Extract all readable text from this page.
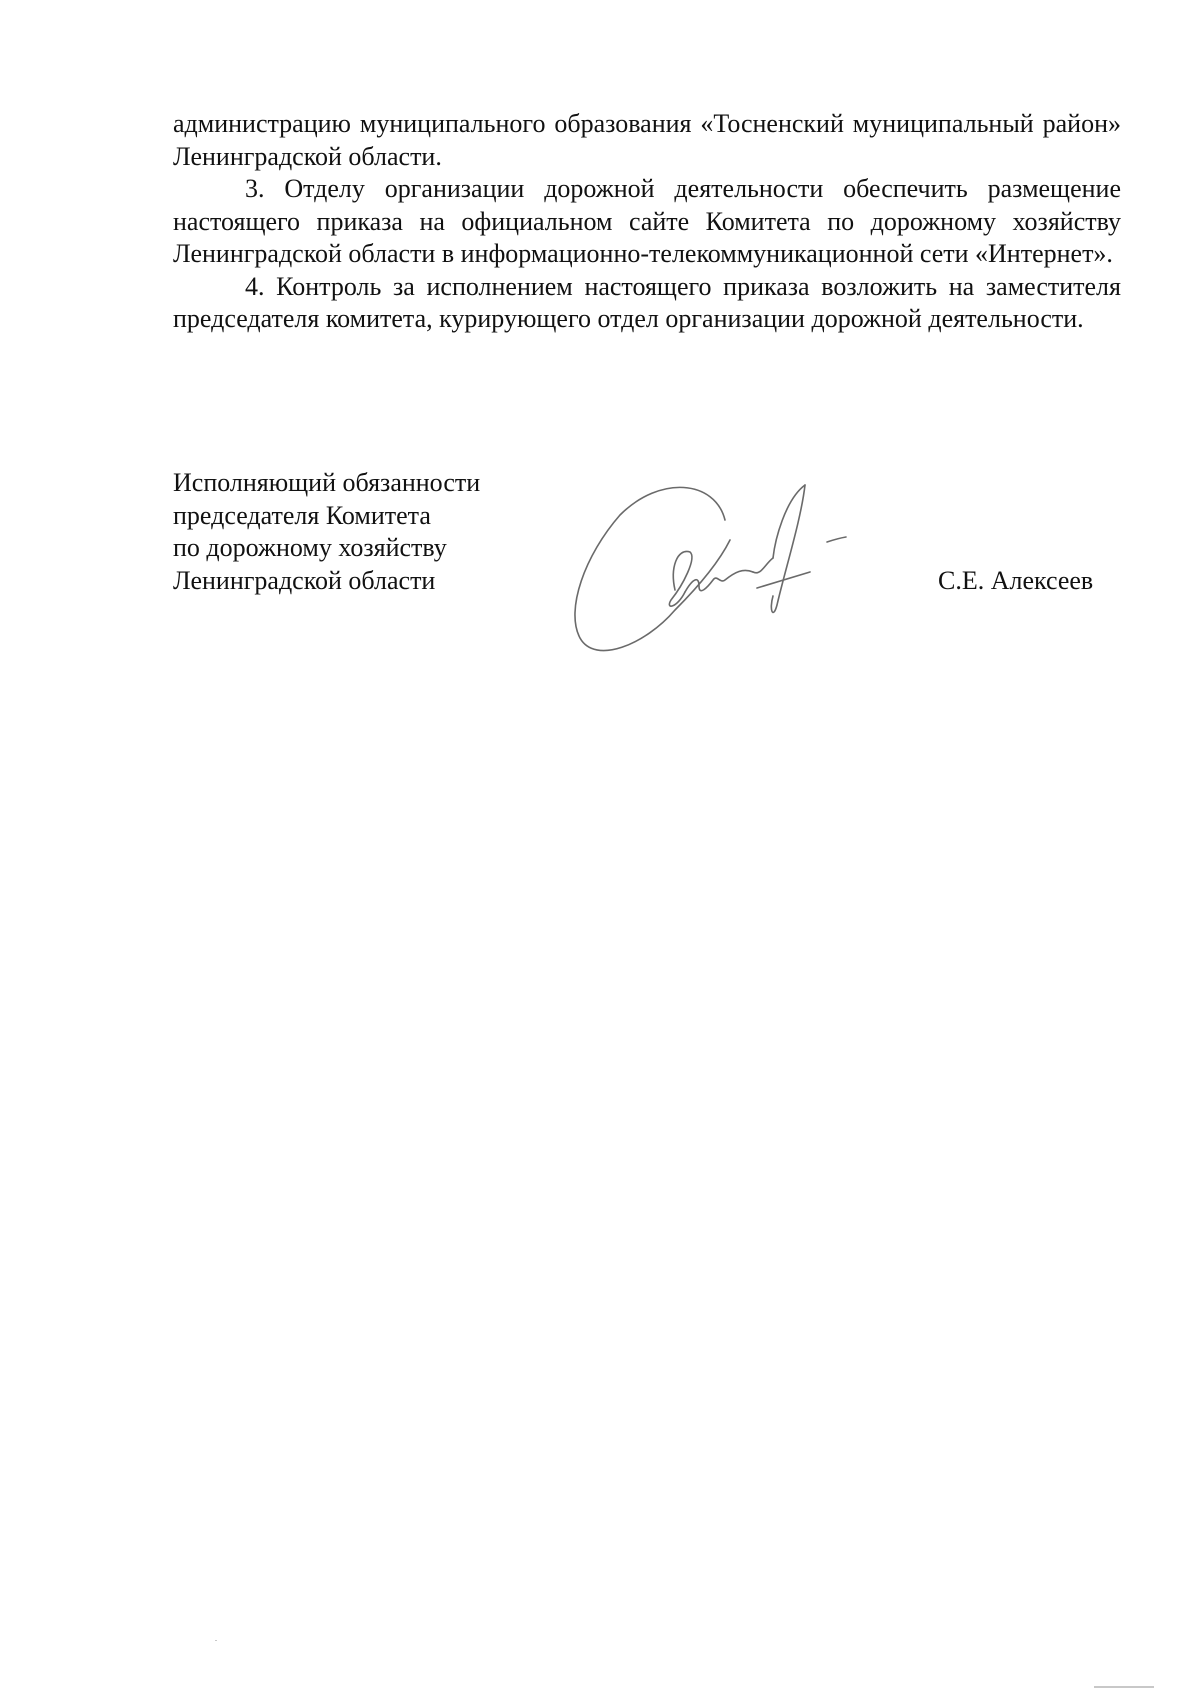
администрацию муниципального образования «Тосненский муниципальный район» Ленинградской области.

3. Отделу организации дорожной деятельности обеспечить размещение настоящего приказа на официальном сайте Комитета по дорожному хозяйству Ленинградской области в информационно-телекоммуникационной сети «Интернет».

4. Контроль за исполнением настоящего приказа возложить на заместителя председателя комитета, курирующего отдел организации дорожной деятельности.

Исполняющий обязанности
председателя Комитета
по дорожному хозяйству
Ленинградской области	С.Е. Алексеев
